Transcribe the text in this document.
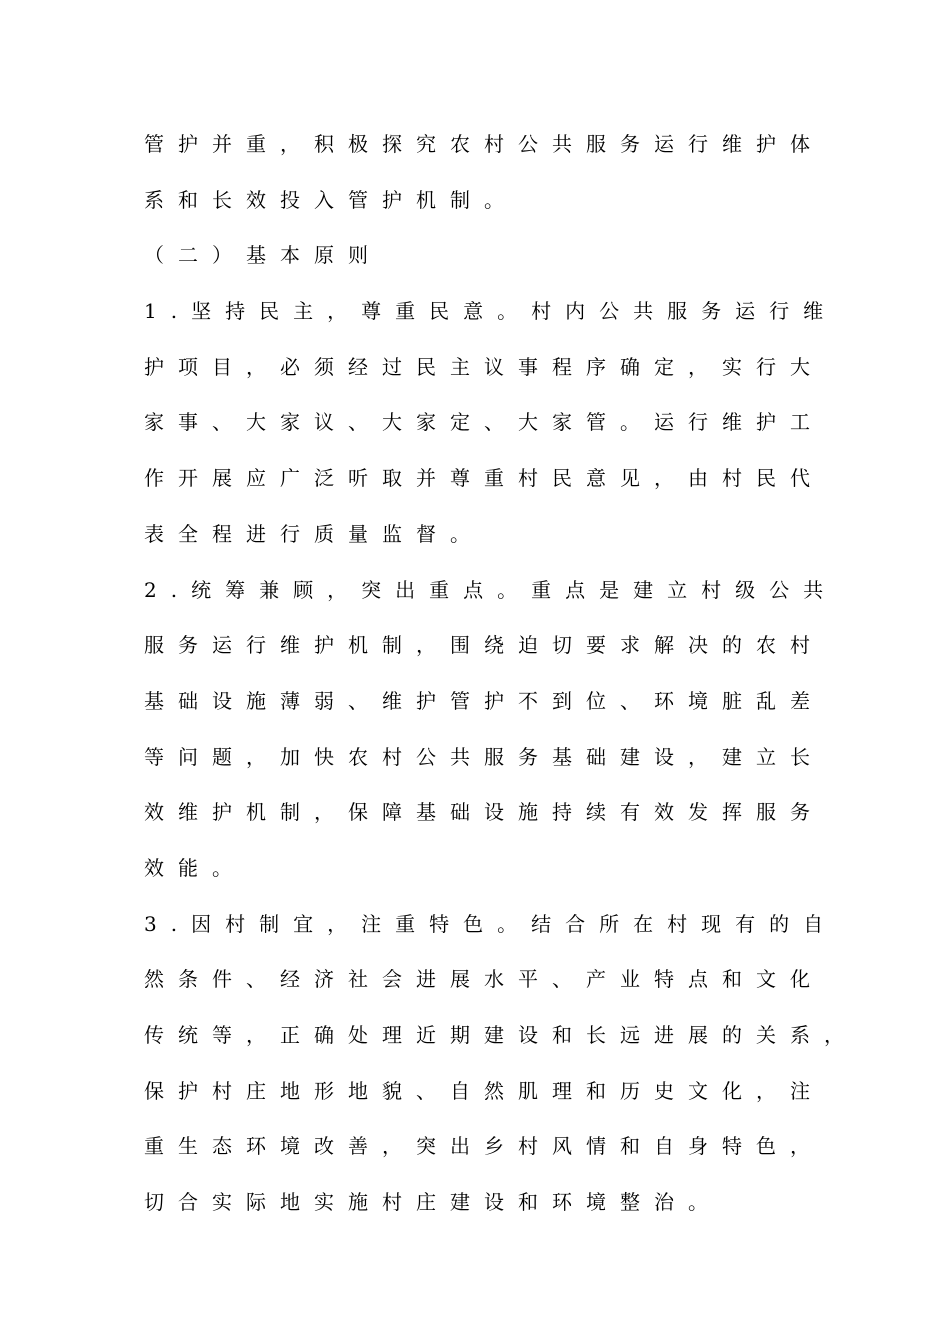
管护并重，积极探究农村公共服务运行维护体
系和长效投入管护机制。
（二）基本原则
1.坚持民主，尊重民意。村内公共服务运行维
护项目，必须经过民主议事程序确定，实行大
家事、大家议、大家定、大家管。运行维护工
作开展应广泛听取并尊重村民意见，由村民代
表全程进行质量监督。
2.统筹兼顾，突出重点。重点是建立村级公共
服务运行维护机制，围绕迫切要求解决的农村
基础设施薄弱、维护管护不到位、环境脏乱差
等问题，加快农村公共服务基础建设，建立长
效维护机制，保障基础设施持续有效发挥服务
效能。
3.因村制宜，注重特色。结合所在村现有的自
然条件、经济社会进展水平、产业特点和文化
传统等，正确处理近期建设和长远进展的关系，
保护村庄地形地貌、自然肌理和历史文化，注
重生态环境改善，突出乡村风情和自身特色，
切合实际地实施村庄建设和环境整治。
